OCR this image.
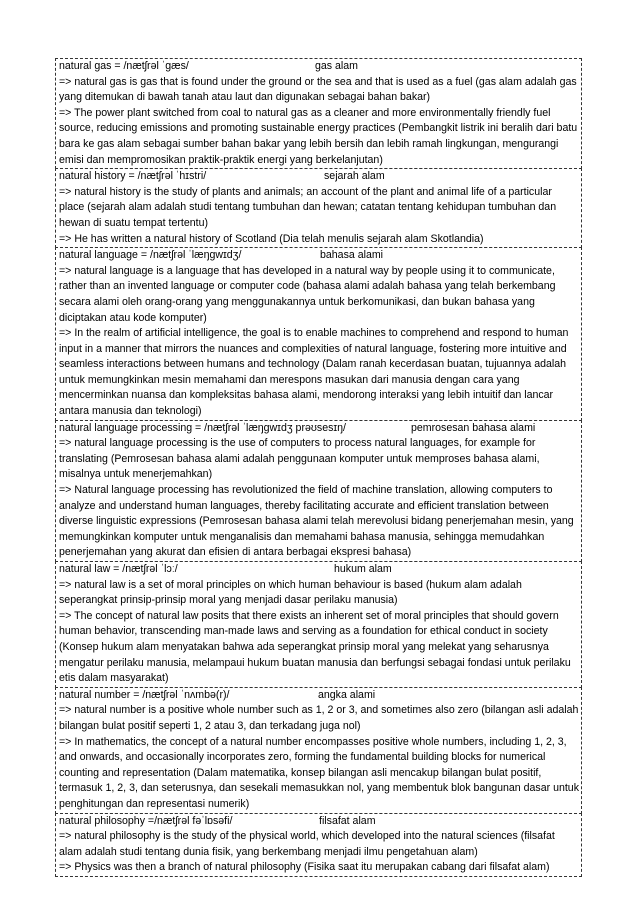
natural gas = /nætʃrəl ˈɡæs/	gas alam
=> natural gas is gas that is found under the ground or the sea and that is used as a fuel (gas alam adalah gas yang ditemukan di bawah tanah atau laut dan digunakan sebagai bahan bakar)
=> The power plant switched from coal to natural gas as a cleaner and more environmentally friendly fuel source, reducing emissions and promoting sustainable energy practices (Pembangkit listrik ini beralih dari batu bara ke gas alam sebagai sumber bahan bakar yang lebih bersih dan lebih ramah lingkungan, mengurangi emisi dan mempromosikan praktik-praktik energi yang berkelanjutan)
natural history = /nætʃrəl ˈhɪstri/	sejarah alam
=> natural history is the study of plants and animals; an account of the plant and animal life of a particular place (sejarah alam adalah studi tentang tumbuhan dan hewan; catatan tentang kehidupan tumbuhan dan hewan di suatu tempat tertentu)
=> He has written a natural history of Scotland (Dia telah menulis sejarah alam Skotlandia)
natural language = /nætʃrəl ˈlæŋɡwɪdʒ/	bahasa alami
=> natural language is a language that has developed in a natural way by people using it to communicate, rather than an invented language or computer code (bahasa alami adalah bahasa yang telah berkembang secara alami oleh orang-orang yang menggunakannya untuk berkomunikasi, dan bukan bahasa yang diciptakan atau kode komputer)
=> In the realm of artificial intelligence, the goal is to enable machines to comprehend and respond to human input in a manner that mirrors the nuances and complexities of natural language, fostering more intuitive and seamless interactions between humans and technology (Dalam ranah kecerdasan buatan, tujuannya adalah untuk memungkinkan mesin memahami dan merespons masukan dari manusia dengan cara yang mencerminkan nuansa dan kompleksitas bahasa alami, mendorong interaksi yang lebih intuitif dan lancar antara manusia dan teknologi)
natural language processing = /nætʃrəl ˈlæŋɡwɪdʒ prəʊsesɪŋ/	pemrosesan bahasa alami
=> natural language processing is the use of computers to process natural languages, for example for translating (Pemrosesan bahasa alami adalah penggunaan komputer untuk memproses bahasa alami, misalnya untuk menerjemahkan)
=> Natural language processing has revolutionized the field of machine translation, allowing computers to analyze and understand human languages, thereby facilitating accurate and efficient translation between diverse linguistic expressions (Pemrosesan bahasa alami telah merevolusi bidang penerjemahan mesin, yang memungkinkan komputer untuk menganalisis dan memahami bahasa manusia, sehingga memudahkan penerjemahan yang akurat dan efisien di antara berbagai ekspresi bahasa)
natural law = /nætʃrəl ˈlɔː/	hukum alam
=> natural law is a set of moral principles on which human behaviour is based (hukum alam adalah seperangkat prinsip-prinsip moral yang menjadi dasar perilaku manusia)
=> The concept of natural law posits that there exists an inherent set of moral principles that should govern human behavior, transcending man-made laws and serving as a foundation for ethical conduct in society (Konsep hukum alam menyatakan bahwa ada seperangkat prinsip moral yang melekat yang seharusnya mengatur perilaku manusia, melampaui hukum buatan manusia dan berfungsi sebagai fondasi untuk perilaku etis dalam masyarakat)
natural number = /nætʃrəl ˈnʌmbə(r)/	angka alami
=> natural number is a positive whole number such as 1, 2 or 3, and sometimes also zero (bilangan asli adalah bilangan bulat positif seperti 1, 2 atau 3, dan terkadang juga nol)
=> In mathematics, the concept of a natural number encompasses positive whole numbers, including 1, 2, 3, and onwards, and occasionally incorporates zero, forming the fundamental building blocks for numerical counting and representation (Dalam matematika, konsep bilangan asli mencakup bilangan bulat positif, termasuk 1, 2, 3, dan seterusnya, dan sesekali memasukkan nol, yang membentuk blok bangunan dasar untuk penghitungan dan representasi numerik)
natural philosophy =/nætʃrəl fəˈlɒsəfi/	filsafat alam
=> natural philosophy is the study of the physical world, which developed into the natural sciences (filsafat alam adalah studi tentang dunia fisik, yang berkembang menjadi ilmu pengetahuan alam)
=> Physics was then a branch of natural philosophy (Fisika saat itu merupakan cabang dari filsafat alam)
